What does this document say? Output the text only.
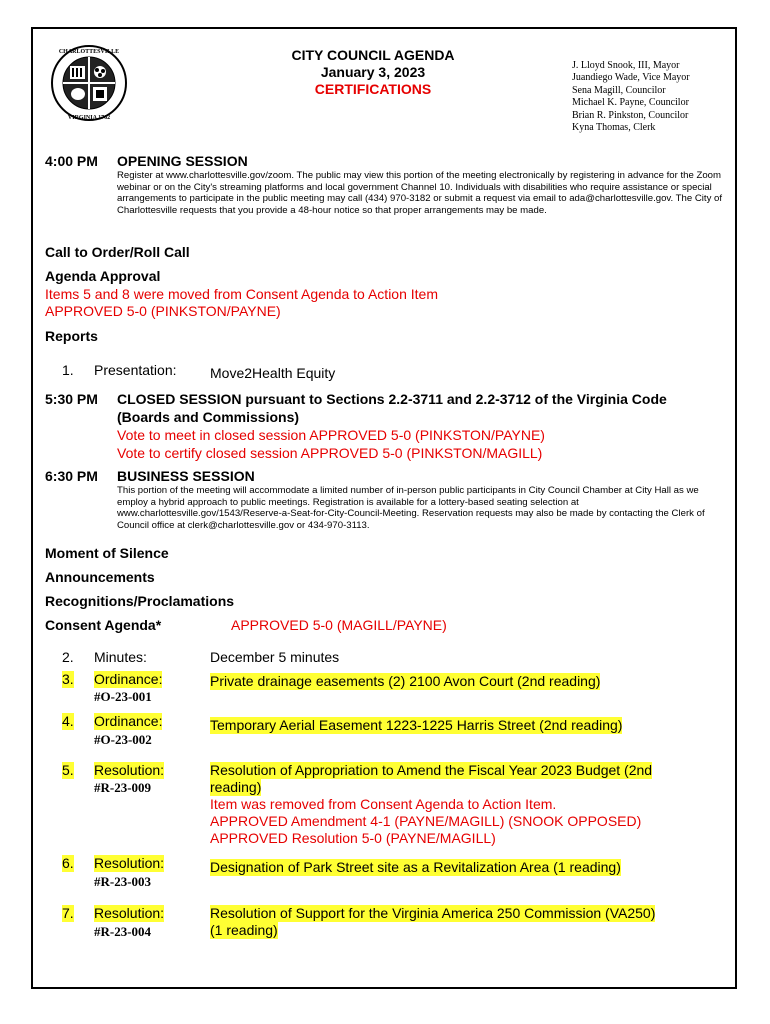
CHARLOTTESVILLE
VIRGINIA 1762
CITY COUNCIL AGENDA
January 3, 2023
CERTIFICATIONS
J. Lloyd Snook, III, Mayor
Juandiego Wade, Vice Mayor
Sena Magill, Councilor
Michael K. Payne, Councilor
Brian R. Pinkston, Councilor
Kyna Thomas, Clerk
4:00 PM OPENING SESSION
Register at www.charlottesville.gov/zoom. The public may view this portion of the meeting electronically by registering in advance for the Zoom webinar or on the City's streaming platforms and local government Channel 10. Individuals with disabilities who require assistance or special arrangements to participate in the public meeting may call (434) 970-3182 or submit a request via email to ada@charlottesville.gov. The City of Charlottesville requests that you provide a 48-hour notice so that proper arrangements may be made.
Call to Order/Roll Call
Agenda Approval
Items 5 and 8 were moved from Consent Agenda to Action Item
APPROVED 5-0 (PINKSTON/PAYNE)
Reports
1. Presentation: Move2Health Equity
5:30 PM CLOSED SESSION pursuant to Sections 2.2-3711 and 2.2-3712 of the Virginia Code
(Boards and Commissions)
Vote to meet in closed session APPROVED 5-0 (PINKSTON/PAYNE)
Vote to certify closed session APPROVED 5-0 (PINKSTON/MAGILL)
6:30 PM BUSINESS SESSION
This portion of the meeting will accommodate a limited number of in-person public participants in City Council Chamber at City Hall as we employ a hybrid approach to public meetings. Registration is available for a lottery-based seating selection at www.charlottesville.gov/1543/Reserve-a-Seat-for-City-Council-Meeting. Reservation requests may also be made by contacting the Clerk of Council office at clerk@charlottesville.gov or 434-970-3113.
Moment of Silence
Announcements
Recognitions/Proclamations
Consent Agenda*	APPROVED 5-0 (MAGILL/PAYNE)
2. Minutes:	December 5 minutes
3. Ordinance:
#O-23-001
Private drainage easements (2) 2100 Avon Court (2nd reading)
4. Ordinance:
#O-23-002
Temporary Aerial Easement 1223-1225 Harris Street (2nd reading)
5. Resolution:
#R-23-009
Resolution of Appropriation to Amend the Fiscal Year 2023 Budget (2nd
reading)
Item was removed from Consent Agenda to Action Item.
APPROVED Amendment 4-1 (PAYNE/MAGILL) (SNOOK OPPOSED)
APPROVED Resolution 5-0 (PAYNE/MAGILL)
6. Resolution:
#R-23-003
Designation of Park Street site as a Revitalization Area (1 reading)
7. Resolution:
#R-23-004
Resolution of Support for the Virginia America 250 Commission (VA250)
(1 reading)
